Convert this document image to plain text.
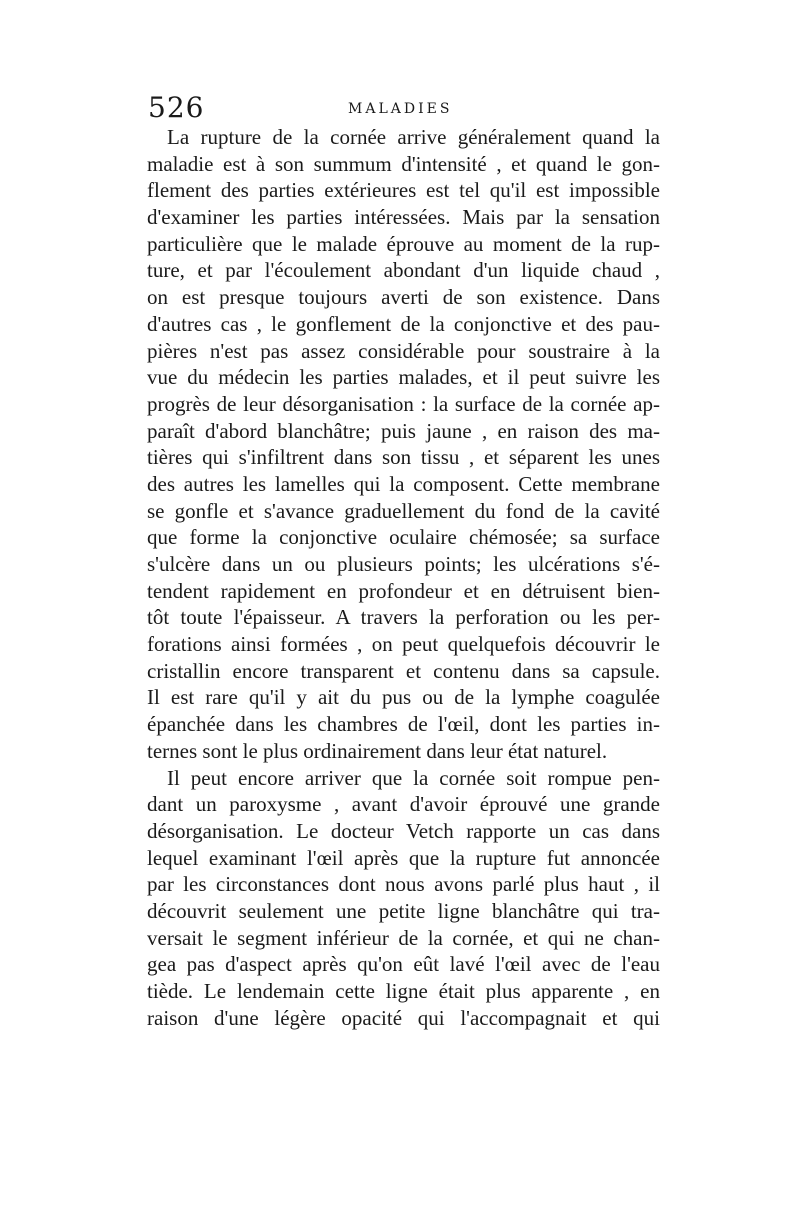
526	MALADIES
La rupture de la cornée arrive généralement quand la
maladie est à son summum d'intensité , et quand le gon-
flement des parties extérieures est tel qu'il est impossible
d'examiner les parties intéressées. Mais par la sensation
particulière que le malade éprouve au moment de la rup-
ture, et par l'écoulement abondant d'un liquide chaud ,
on est presque toujours averti de son existence. Dans
d'autres cas , le gonflement de la conjonctive et des pau-
pières n'est pas assez considérable pour soustraire à la
vue du médecin les parties malades, et il peut suivre les
progrès de leur désorganisation : la surface de la cornée ap-
paraît d'abord blanchâtre; puis jaune , en raison des ma-
tières qui s'infiltrent dans son tissu , et séparent les unes
des autres les lamelles qui la composent. Cette membrane
se gonfle et s'avance graduellement du fond de la cavité
que forme la conjonctive oculaire chémosée; sa surface
s'ulcère dans un ou plusieurs points; les ulcérations s'é-
tendent rapidement en profondeur et en détruisent bien-
tôt toute l'épaisseur. A travers la perforation ou les per-
forations ainsi formées , on peut quelquefois découvrir le
cristallin encore transparent et contenu dans sa capsule.
Il est rare qu'il y ait du pus ou de la lymphe coagulée
épanchée dans les chambres de l'œil, dont les parties in-
ternes sont le plus ordinairement dans leur état naturel.
Il peut encore arriver que la cornée soit rompue pen-
dant un paroxysme , avant d'avoir éprouvé une grande
désorganisation. Le docteur Vetch rapporte un cas dans
lequel examinant l'œil après que la rupture fut annoncée
par les circonstances dont nous avons parlé plus haut , il
découvrit seulement une petite ligne blanchâtre qui tra-
versait le segment inférieur de la cornée, et qui ne chan-
gea pas d'aspect après qu'on eût lavé l'œil avec de l'eau
tiède. Le lendemain cette ligne était plus apparente , en
raison d'une légère opacité qui l'accompagnait et qui
